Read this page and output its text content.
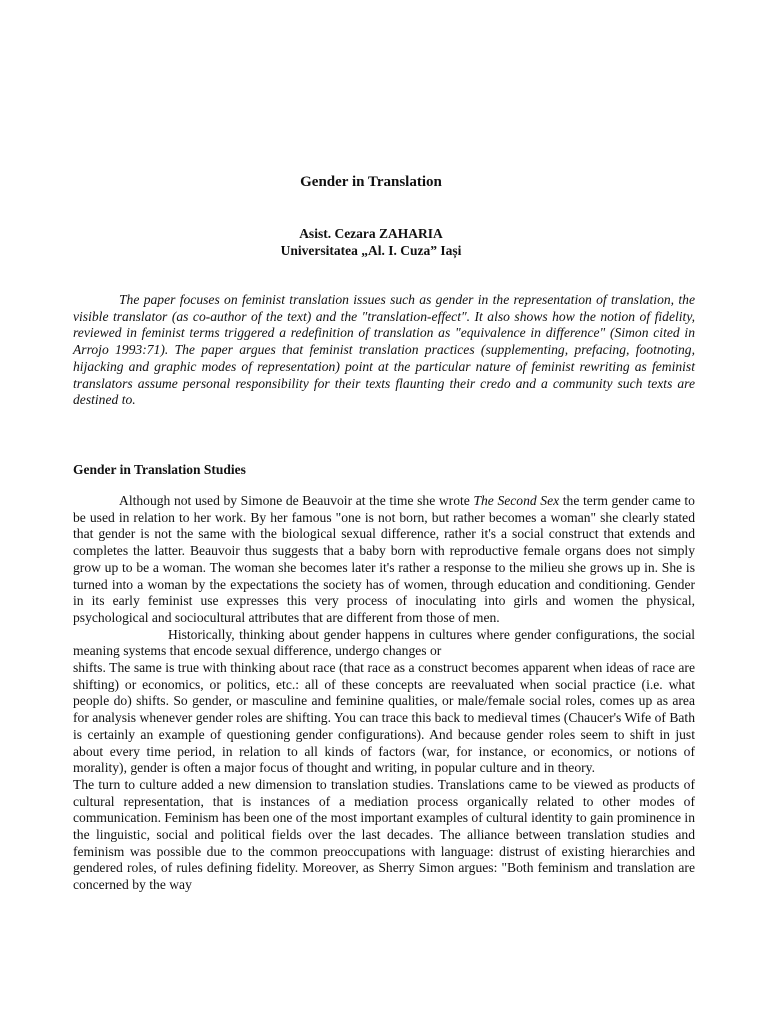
Gender in Translation
Asist. Cezara ZAHARIA
Universitatea „Al. I. Cuza” Iași

The paper focuses on feminist translation issues such as gender in the representation of translation, the visible translator (as co-author of the text) and the ″translation-effect″. It also shows how the notion of fidelity, reviewed in feminist terms triggered a redefinition of translation as "equivalence in difference" (Simon cited in Arrojo 1993:71). The paper argues that feminist translation practices (supplementing, prefacing, footnoting, hijacking and graphic modes of representation) point at the particular nature of feminist rewriting as feminist translators assume personal responsibility for their texts flaunting their credo and a community such texts are destined to.

Gender in Translation Studies

Although not used by Simone de Beauvoir at the time she wrote The Second Sex the term gender came to be used in relation to her work. By her famous "one is not born, but rather becomes a woman" she clearly stated that gender is not the same with the biological sexual difference, rather it's a social construct that extends and completes the latter. Beauvoir thus suggests that a baby born with reproductive female organs does not simply grow up to be a woman. The woman she becomes later it's rather a response to the milieu she grows up in. She is turned into a woman by the expectations the society has of women, through education and conditioning. Gender in its early feminist use expresses this very process of inoculating into girls and women the physical, psychological and sociocultural attributes that are different from those of men.

Historically, thinking about gender happens in cultures where gender configurations, the social meaning systems that encode sexual difference, undergo changes or

shifts. The same is true with thinking about race (that race as a construct becomes apparent when ideas of race are shifting) or economics, or politics, etc.: all of these concepts are reevaluated when social practice (i.e. what people do) shifts. So gender, or masculine and feminine qualities, or male/female social roles, comes up as area for analysis whenever gender roles are shifting. You can trace this back to medieval times (Chaucer's Wife of Bath is certainly an example of questioning gender configurations). And because gender roles seem to shift in just about every time period, in relation to all kinds of factors (war, for instance, or economics, or notions of morality), gender is often a major focus of thought and writing, in popular culture and in theory.

The turn to culture added a new dimension to translation studies. Translations came to be viewed as products of cultural representation, that is instances of a mediation process organically related to other modes of communication. Feminism has been one of the most important examples of cultural identity to gain prominence in the linguistic, social and political fields over the last decades. The alliance between translation studies and feminism was possible due to the common preoccupations with language: distrust of existing hierarchies and gendered roles, of rules defining fidelity. Moreover, as Sherry Simon argues: "Both feminism and translation are concerned by the way
